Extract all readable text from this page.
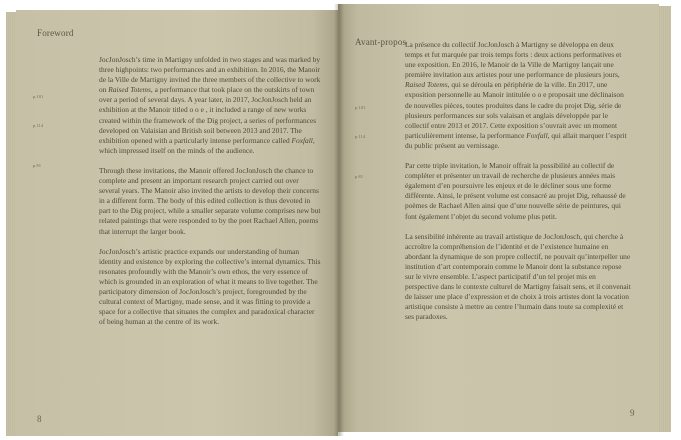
Foreword
p.101
p.114
p.81

JocJonJosch’s time in Martigny unfolded in two stages and was marked by three highpoints: two performances and an exhibition. In 2016, the Manoir de la Ville de Martigny invited the three members of the collective to work on Raised Totems, a performance that took place on the outskirts of town over a period of several days. A year later, in 2017, JocJonJosch held an exhibition at the Manoir titled o o e , it included a range of new works created within the framework of the Dig project, a series of performances developed on Valaisian and British soil between 2013 and 2017. The exhibition opened with a particularly intense performance called Foxfall, which impressed itself on the minds of the audience.

Through these invitations, the Manoir offered JocJonJosch the chance to complete and present an important research project carried out over several years. The Manoir also invited the artists to develop their concerns in a different form. The body of this edited collection is thus devoted in part to the Dig project, while a smaller separate volume comprises new but related paintings that were responded to by the poet Rachael Allen, poems that interrupt the larger book.

JocJonJosch’s artistic practice expands our understanding of human identity and existence by exploring the collective’s internal dynamics. This resonates profoundly with the Manoir’s own ethos, the very essence of which is grounded in an exploration of what it means to live together. The participatory dimension of JocJonJosch’s project, foregrounded by the cultural context of Martigny, made sense, and it was fitting to provide a space for a collective that situates the complex and paradoxical character of being human at the centre of its work.

8
Avant-propos
p.101
p.114
p.81

La présence du collectif JocJonJosch à Martigny se développa en deux temps et fut marquée par trois temps forts : deux actions performatives et une exposition. En 2016, le Manoir de la Ville de Martigny lançait une première invitation aux artistes pour une performance de plusieurs jours, Raised Totems, qui se déroula en périphérie de la ville. En 2017, une exposition personnelle au Manoir intitulée o o e proposait une déclinaison de nouvelles pièces, toutes produites dans le cadre du projet Dig, série de plusieurs performances sur sols valaisan et anglais développée par le collectif entre 2013 et 2017. Cette exposition s’ouvrait avec un moment particulièrement intense, la performance Foxfall, qui allait marquer l’esprit du public présent au vernissage.

Par cette triple invitation, le Manoir offrait la possibilité au collectif de compléter et présenter un travail de recherche de plusieurs années mais également d’en poursuivre les enjeux et de le décliner sous une forme différente. Ainsi, le présent volume est consacré au projet Dig, rehaussé de poèmes de Rachael Allen ainsi que d’une nouvelle série de peintures, qui font également l’objet du second volume plus petit.

La sensibilité inhérente au travail artistique de JocJonJosch, qui cherche à accroître la compréhension de l’identité et de l’existence humaine en abordant la dynamique de son propre collectif, ne pouvait qu’interpeller une institution d’art contemporain comme le Manoir dont la substance repose sur le vivre ensemble. L’aspect participatif d’un tel projet mis en perspective dans le contexte culturel de Martigny faisait sens, et il convenait de laisser une place d’expression et de choix à trois artistes dont la vocation artistique consiste à mettre au centre l’humain dans toute sa complexité et ses paradoxes.

9
